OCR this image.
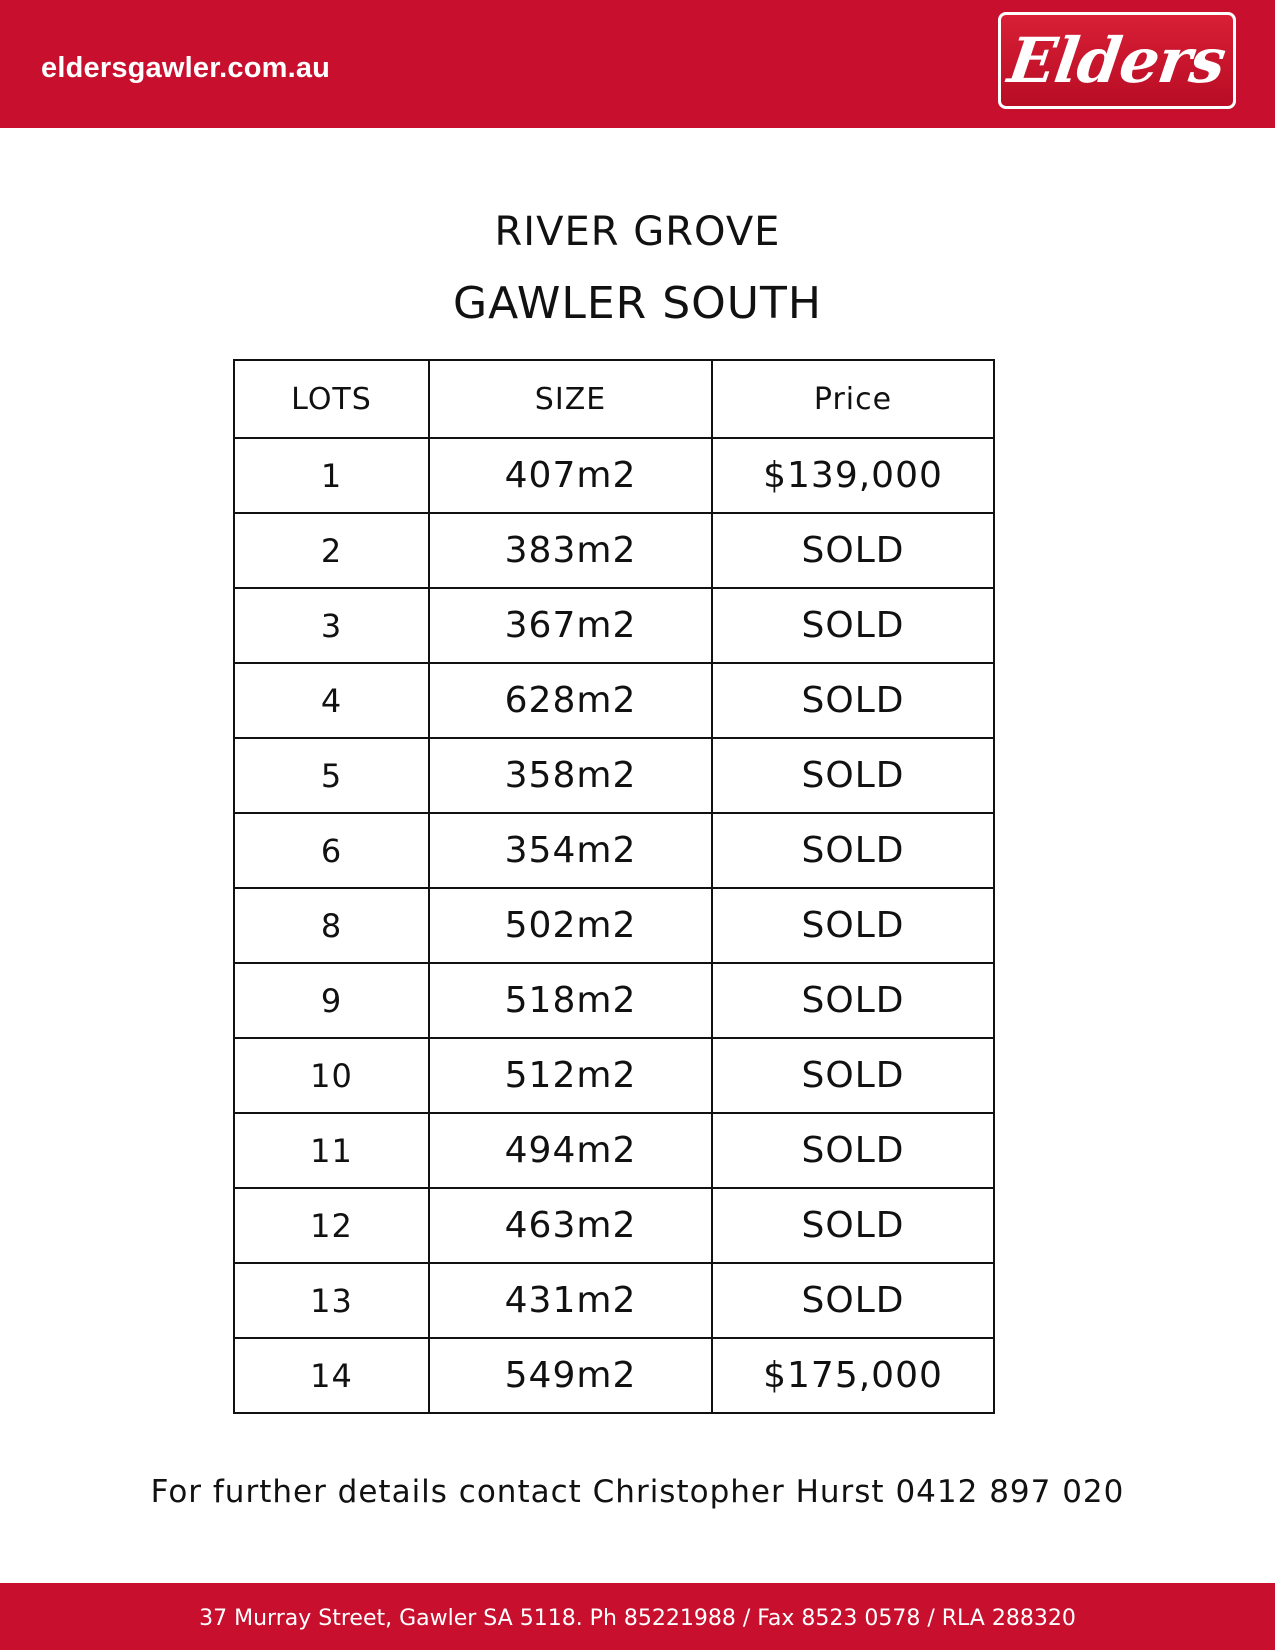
eldersgawler.com.au	Elders
RIVER GROVE
GAWLER SOUTH
LOTS	SIZE	Price
1	407m2	$139,000
2	383m2	SOLD
3	367m2	SOLD
4	628m2	SOLD
5	358m2	SOLD
6	354m2	SOLD
8	502m2	SOLD
9	518m2	SOLD
10	512m2	SOLD
11	494m2	SOLD
12	463m2	SOLD
13	431m2	SOLD
14	549m2	$175,000
For further details contact Christopher Hurst 0412 897 020
37 Murray Street, Gawler SA 5118. Ph 85221988 / Fax 8523 0578 / RLA 288320
